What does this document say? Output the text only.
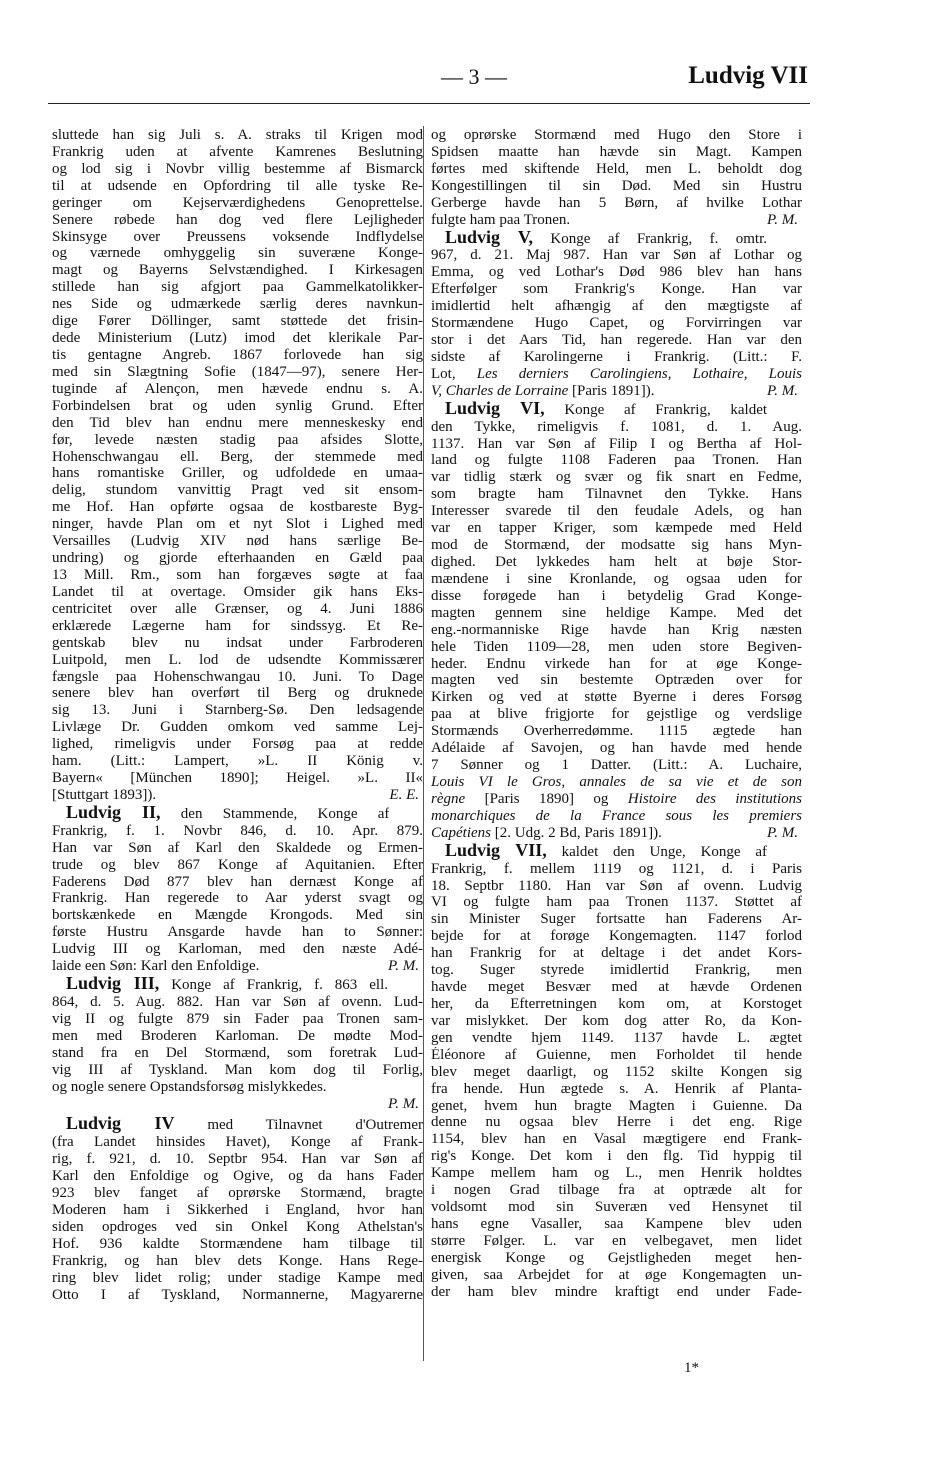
— 3 —	Ludvig VII
sluttede han sig Juli s. A. straks til Krigen mod
Frankrig uden at afvente Kamrenes Beslutning
og lod sig i Novbr villig bestemme af Bismarck
til at udsende en Opfordring til alle tyske Re-
geringer om Kejserværdighedens Genoprettelse.
Senere røbede han dog ved flere Lejligheder
Skinsyge over Preussens voksende Indflydelse
og værnede omhyggelig sin suveræne Konge-
magt og Bayerns Selvstændighed. I Kirkesagen
stillede han sig afgjort paa Gammelkatolikker-
nes Side og udmærkede særlig deres navnkun-
dige Fører Döllinger, samt støttede det frisin-
dede Ministerium (Lutz) imod det klerikale Par-
tis gentagne Angreb. 1867 forlovede han sig
med sin Slægtning Sofie (1847—97), senere Her-
tuginde af Alençon, men hævede endnu s. A.
Forbindelsen brat og uden synlig Grund. Efter
den Tid blev han endnu mere menneskesky end
før, levede næsten stadig paa afsides Slotte,
Hohenschwangau ell. Berg, der stemmede med
hans romantiske Griller, og udfoldede en umaa-
delig, stundom vanvittig Pragt ved sit ensom-
me Hof. Han opførte ogsaa de kostbareste Byg-
ninger, havde Plan om et nyt Slot i Lighed med
Versailles (Ludvig XIV nød hans særlige Be-
undring) og gjorde efterhaanden en Gæld paa
13 Mill. Rm., som han forgæves søgte at faa
Landet til at overtage. Omsider gik hans Eks-
centricitet over alle Grænser, og 4. Juni 1886
erklærede Lægerne ham for sindssyg. Et Re-
gentskab blev nu indsat under Farbroderen
Luitpold, men L. lod de udsendte Kommissærer
fængsle paa Hohenschwangau 10. Juni. To Dage
senere blev han overført til Berg og druknede
sig 13. Juni i Starnberg-Sø. Den ledsagende
Livlæge Dr. Gudden omkom ved samme Lej-
lighed, rimeligvis under Forsøg paa at redde
ham. (Litt.: Lampert, »L. II König v.
Bayern« [München 1890]; Heigel. »L. II«
[Stuttgart 1893]).	E. E.
Ludvig II, den Stammende, Konge af
Frankrig, f. 1. Novbr 846, d. 10. Apr. 879.
Han var Søn af Karl den Skaldede og Ermen-
trude og blev 867 Konge af Aquitanien. Efter
Faderens Død 877 blev han dernæst Konge af
Frankrig. Han regerede to Aar yderst svagt og
bortskænkede en Mængde Krongods. Med sin
første Hustru Ansgarde havde han to Sønner:
Ludvig III og Karloman, med den næste Adé-
laide een Søn: Karl den Enfoldige.	P. M.
Ludvig III, Konge af Frankrig, f. 863 ell.
864, d. 5. Aug. 882. Han var Søn af ovenn. Lud-
vig II og fulgte 879 sin Fader paa Tronen sam-
men med Broderen Karloman. De mødte Mod-
stand fra en Del Stormænd, som foretrak Lud-
vig III af Tyskland. Man kom dog til Forlig,
og nogle senere Opstandsforsøg mislykkedes.
P. M.
Ludvig IV med Tilnavnet d'Outremer
(fra Landet hinsides Havet), Konge af Frank-
rig, f. 921, d. 10. Septbr 954. Han var Søn af
Karl den Enfoldige og Ogive, og da hans Fader
923 blev fanget af oprørske Stormænd, bragte
Moderen ham i Sikkerhed i England, hvor han
siden opdroges ved sin Onkel Kong Athelstan's
Hof. 936 kaldte Stormændene ham tilbage til
Frankrig, og han blev dets Konge. Hans Rege-
ring blev lidet rolig; under stadige Kampe med
Otto I af Tyskland, Normannerne, Magyarerne
og oprørske Stormænd med Hugo den Store i
Spidsen maatte han hævde sin Magt. Kampen
førtes med skiftende Held, men L. beholdt dog
Kongestillingen til sin Død. Med sin Hustru
Gerberge havde han 5 Børn, af hvilke Lothar
fulgte ham paa Tronen.	P. M.
Ludvig V, Konge af Frankrig, f. omtr.
967, d. 21. Maj 987. Han var Søn af Lothar og
Emma, og ved Lothar's Død 986 blev han hans
Efterfølger som Frankrig's Konge. Han var
imidlertid helt afhængig af den mægtigste af
Stormændene Hugo Capet, og Forvirringen var
stor i det Aars Tid, han regerede. Han var den
sidste af Karolingerne i Frankrig. (Litt.: F.
Lot, Les derniers Carolingiens, Lothaire, Louis
V, Charles de Lorraine [Paris 1891]).	P. M.
Ludvig VI, Konge af Frankrig, kaldet
den Tykke, rimeligvis f. 1081, d. 1. Aug.
1137. Han var Søn af Filip I og Bertha af Hol-
land og fulgte 1108 Faderen paa Tronen. Han
var tidlig stærk og svær og fik snart en Fedme,
som bragte ham Tilnavnet den Tykke. Hans
Interesser svarede til den feudale Adels, og han
var en tapper Kriger, som kæmpede med Held
mod de Stormænd, der modsatte sig hans Myn-
dighed. Det lykkedes ham helt at bøje Stor-
mændene i sine Kronlande, og ogsaa uden for
disse forøgede han i betydelig Grad Konge-
magten gennem sine heldige Kampe. Med det
eng.-normanniske Rige havde han Krig næsten
hele Tiden 1109—28, men uden store Begiven-
heder. Endnu virkede han for at øge Konge-
magten ved sin bestemte Optræden over for
Kirken og ved at støtte Byerne i deres Forsøg
paa at blive frigjorte for gejstlige og verdslige
Stormænds Overherredømme. 1115 ægtede han
Adélaide af Savojen, og han havde med hende
7 Sønner og 1 Datter. (Litt.: A. Luchaire,
Louis VI le Gros, annales de sa vie et de son
règne [Paris 1890] og Histoire des institutions
monarchiques de la France sous les premiers
Capétiens [2. Udg. 2 Bd, Paris 1891]).	P. M.
Ludvig VII, kaldet den Unge, Konge af
Frankrig, f. mellem 1119 og 1121, d. i Paris
18. Septbr 1180. Han var Søn af ovenn. Ludvig
VI og fulgte ham paa Tronen 1137. Støttet af
sin Minister Suger fortsatte han Faderens Ar-
bejde for at forøge Kongemagten. 1147 forlod
han Frankrig for at deltage i det andet Kors-
tog. Suger styrede imidlertid Frankrig, men
havde meget Besvær med at hævde Ordenen
her, da Efterretningen kom om, at Korstoget
var mislykket. Der kom dog atter Ro, da Kon-
gen vendte hjem 1149. 1137 havde L. ægtet
Éléonore af Guienne, men Forholdet til hende
blev meget daarligt, og 1152 skilte Kongen sig
fra hende. Hun ægtede s. A. Henrik af Planta-
genet, hvem hun bragte Magten i Guienne. Da
denne nu ogsaa blev Herre i det eng. Rige
1154, blev han en Vasal mægtigere end Frank-
rig's Konge. Det kom i den flg. Tid hyppig til
Kampe mellem ham og L., men Henrik holdtes
i nogen Grad tilbage fra at optræde alt for
voldsomt mod sin Suveræn ved Hensynet til
hans egne Vasaller, saa Kampene blev uden
større Følger. L. var en velbegavet, men lidet
energisk Konge og Gejstligheden meget hen-
given, saa Arbejdet for at øge Kongemagten un-
der ham blev mindre kraftigt end under Fade-
1*
